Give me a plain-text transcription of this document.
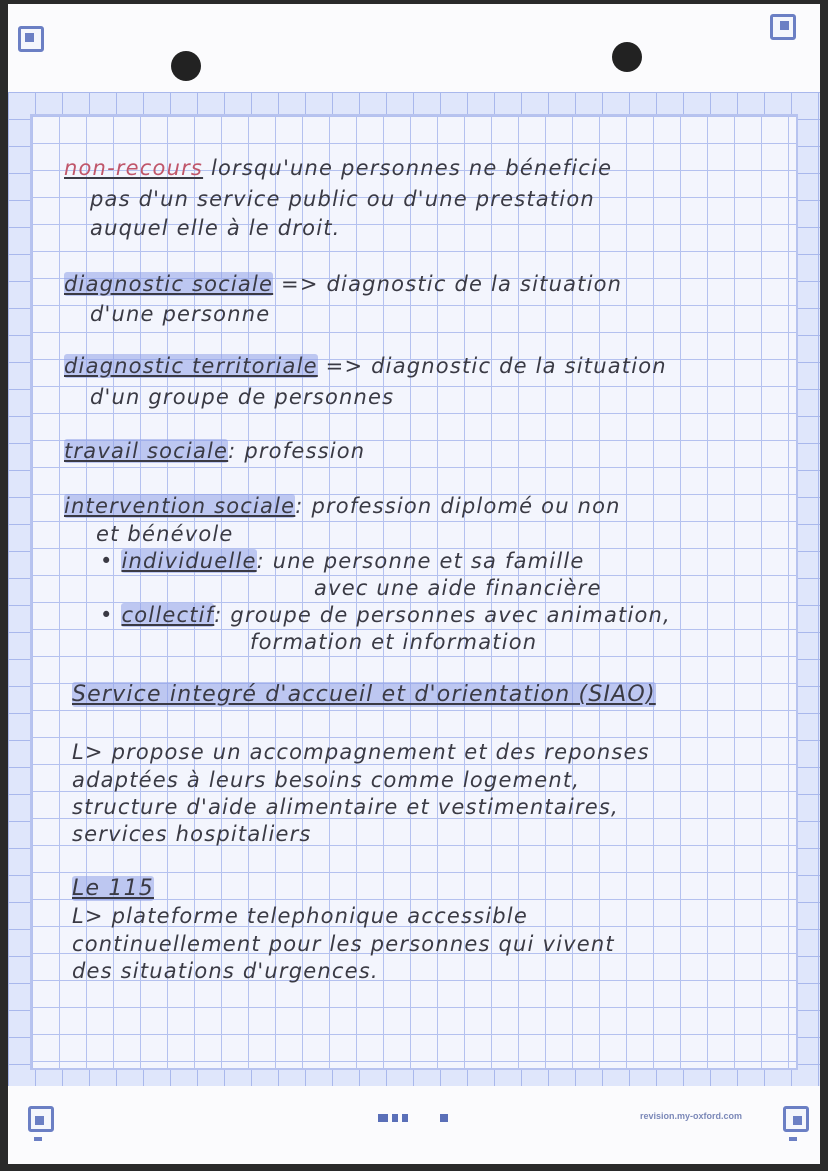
non-recours lorsqu'une personnes ne béneficie
pas d'un service public ou d'une prestation
auquel elle à le droit.
diagnostic sociale => diagnostic de la situation
d'une personne
diagnostic territoriale => diagnostic de la situation
d'un groupe de personnes
travail sociale: profession
intervention sociale: profession diplomé ou non
et bénévole
• individuelle: une personne et sa famille
avec une aide financière
• collectif: groupe de personnes avec animation,
formation et information
Service integré d'accueil et d'orientation (SIAO)
L> propose un accompagnement et des reponses
adaptées à leurs besoins comme logement,
structure d'aide alimentaire et vestimentaires,
services hospitaliers
Le 115
L> plateforme telephonique accessible
continuellement pour les personnes qui vivent
des situations d'urgences.
revision.my-oxford.com
